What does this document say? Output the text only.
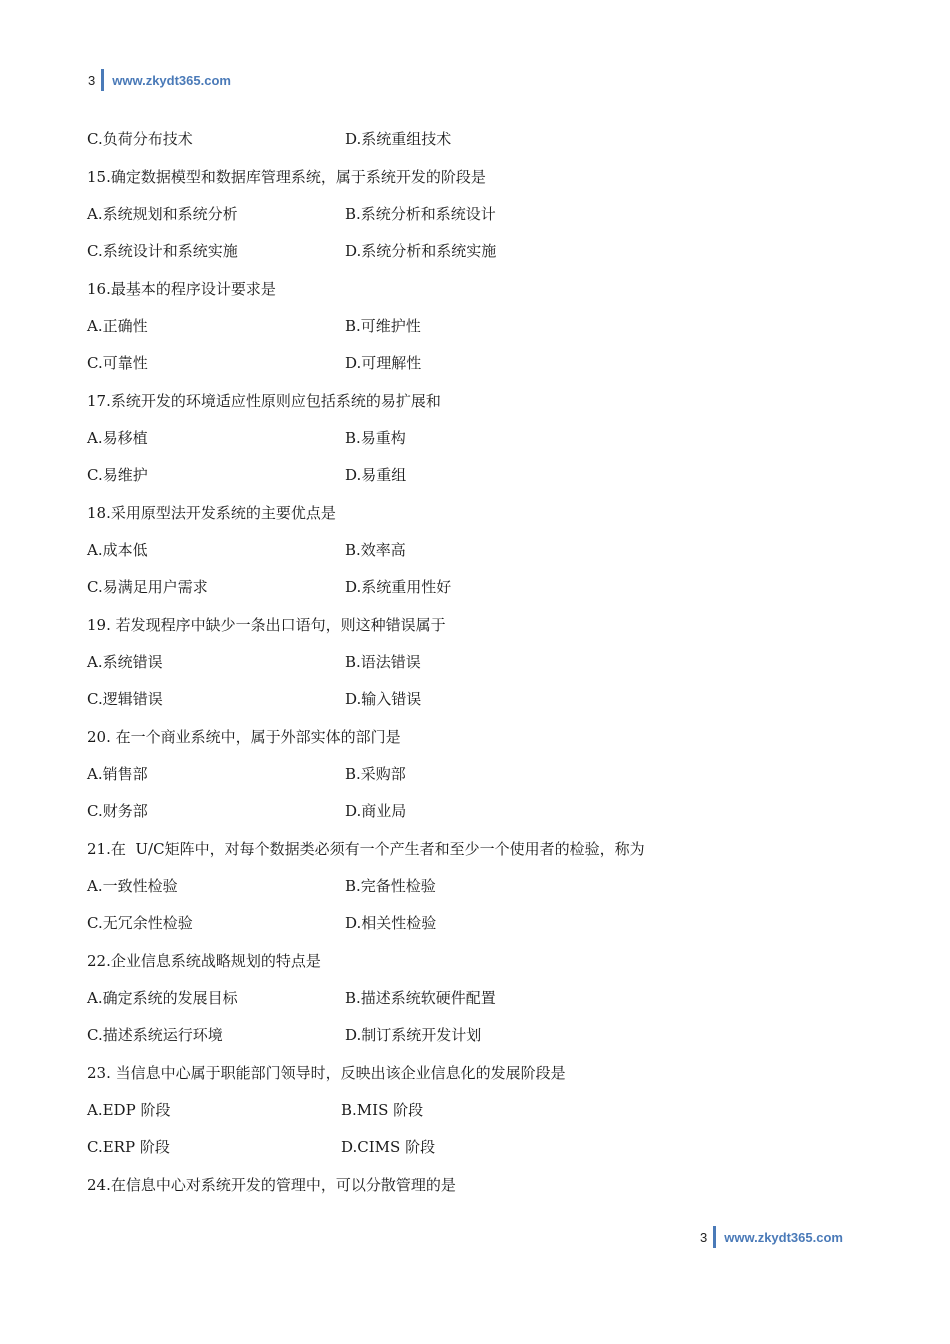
3 www.zkydt365.com
C.负荷分布技术	D.系统重组技术
15.确定数据模型和数据库管理系统，属于系统开发的阶段是
A.系统规划和系统分析	B.系统分析和系统设计
C.系统设计和系统实施	D.系统分析和系统实施
16.最基本的程序设计要求是
A.正确性	B.可维护性
C.可靠性	D.可理解性
17.系统开发的环境适应性原则应包括系统的易扩展和
A.易移植	B.易重构
C.易维护	D.易重组
18.采用原型法开发系统的主要优点是
A.成本低	B.效率高
C.易满足用户需求	D.系统重用性好
19. 若发现程序中缺少一条出口语句，则这种错误属于
A.系统错误	B.语法错误
C.逻辑错误	D.输入错误
20. 在一个商业系统中，属于外部实体的部门是
A.销售部	B.采购部
C.财务部	D.商业局
21.在  U/C矩阵中，对每个数据类必须有一个产生者和至少一个使用者的检验，称为
A.一致性检验	B.完备性检验
C.无冗余性检验	D.相关性检验
22.企业信息系统战略规划的特点是
A.确定系统的发展目标	B.描述系统软硬件配置
C.描述系统运行环境	D.制订系统开发计划
23. 当信息中心属于职能部门领导时，反映出该企业信息化的发展阶段是
A.EDP 阶段	B.MIS 阶段
C.ERP 阶段	D.CIMS 阶段
24.在信息中心对系统开发的管理中，可以分散管理的是
3 www.zkydt365.com
